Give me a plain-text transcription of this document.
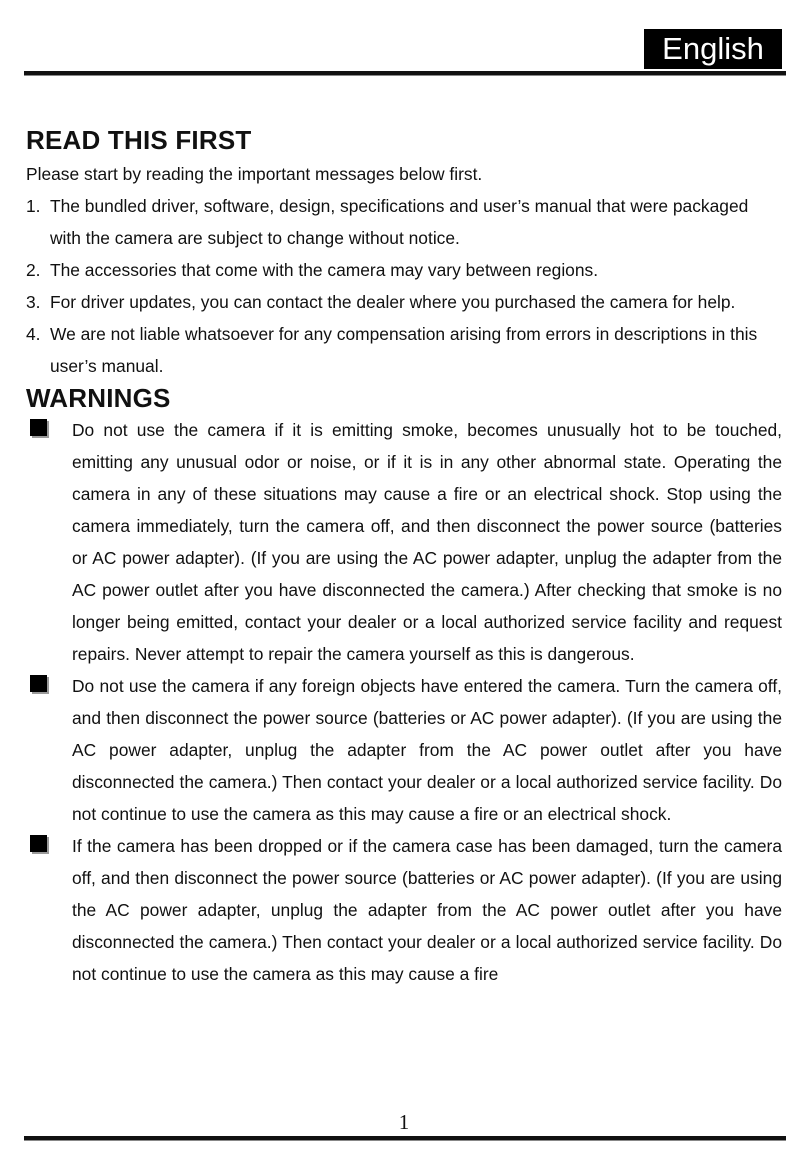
English
READ THIS FIRST

Please start by reading the important messages below first.

1. The bundled driver, software, design, specifications and user’s manual that were packaged with the camera are subject to change without notice.
2. The accessories that come with the camera may vary between regions.
3. For driver updates, you can contact the dealer where you purchased the camera for help.
4. We are not liable whatsoever for any compensation arising from errors in descriptions in this user’s manual.
WARNINGS
Do not use the camera if it is emitting smoke, becomes unusually hot to be touched, emitting any unusual odor or noise, or if it is in any other abnormal state. Operating the camera in any of these situations may cause a fire or an electrical shock. Stop using the camera immediately, turn the camera off, and then disconnect the power source (batteries or AC power adapter). (If you are using the AC power adapter, unplug the adapter from the AC power outlet after you have disconnected the camera.) After checking that smoke is no longer being emitted, contact your dealer or a local authorized service facility and request repairs. Never attempt to repair the camera yourself as this is dangerous.
Do not use the camera if any foreign objects have entered the camera. Turn the camera off, and then disconnect the power source (batteries or AC power adapter). (If you are using the AC power adapter, unplug the adapter from the AC power outlet after you have disconnected the camera.) Then contact your dealer or a local authorized service facility. Do not continue to use the camera as this may cause a fire or an electrical shock.
If the camera has been dropped or if the camera case has been damaged, turn the camera off, and then disconnect the power source (batteries or AC power adapter). (If you are using the AC power adapter, unplug the adapter from the AC power outlet after you have disconnected the camera.) Then contact your dealer or a local authorized service facility. Do not continue to use the camera as this may cause a fire
1
